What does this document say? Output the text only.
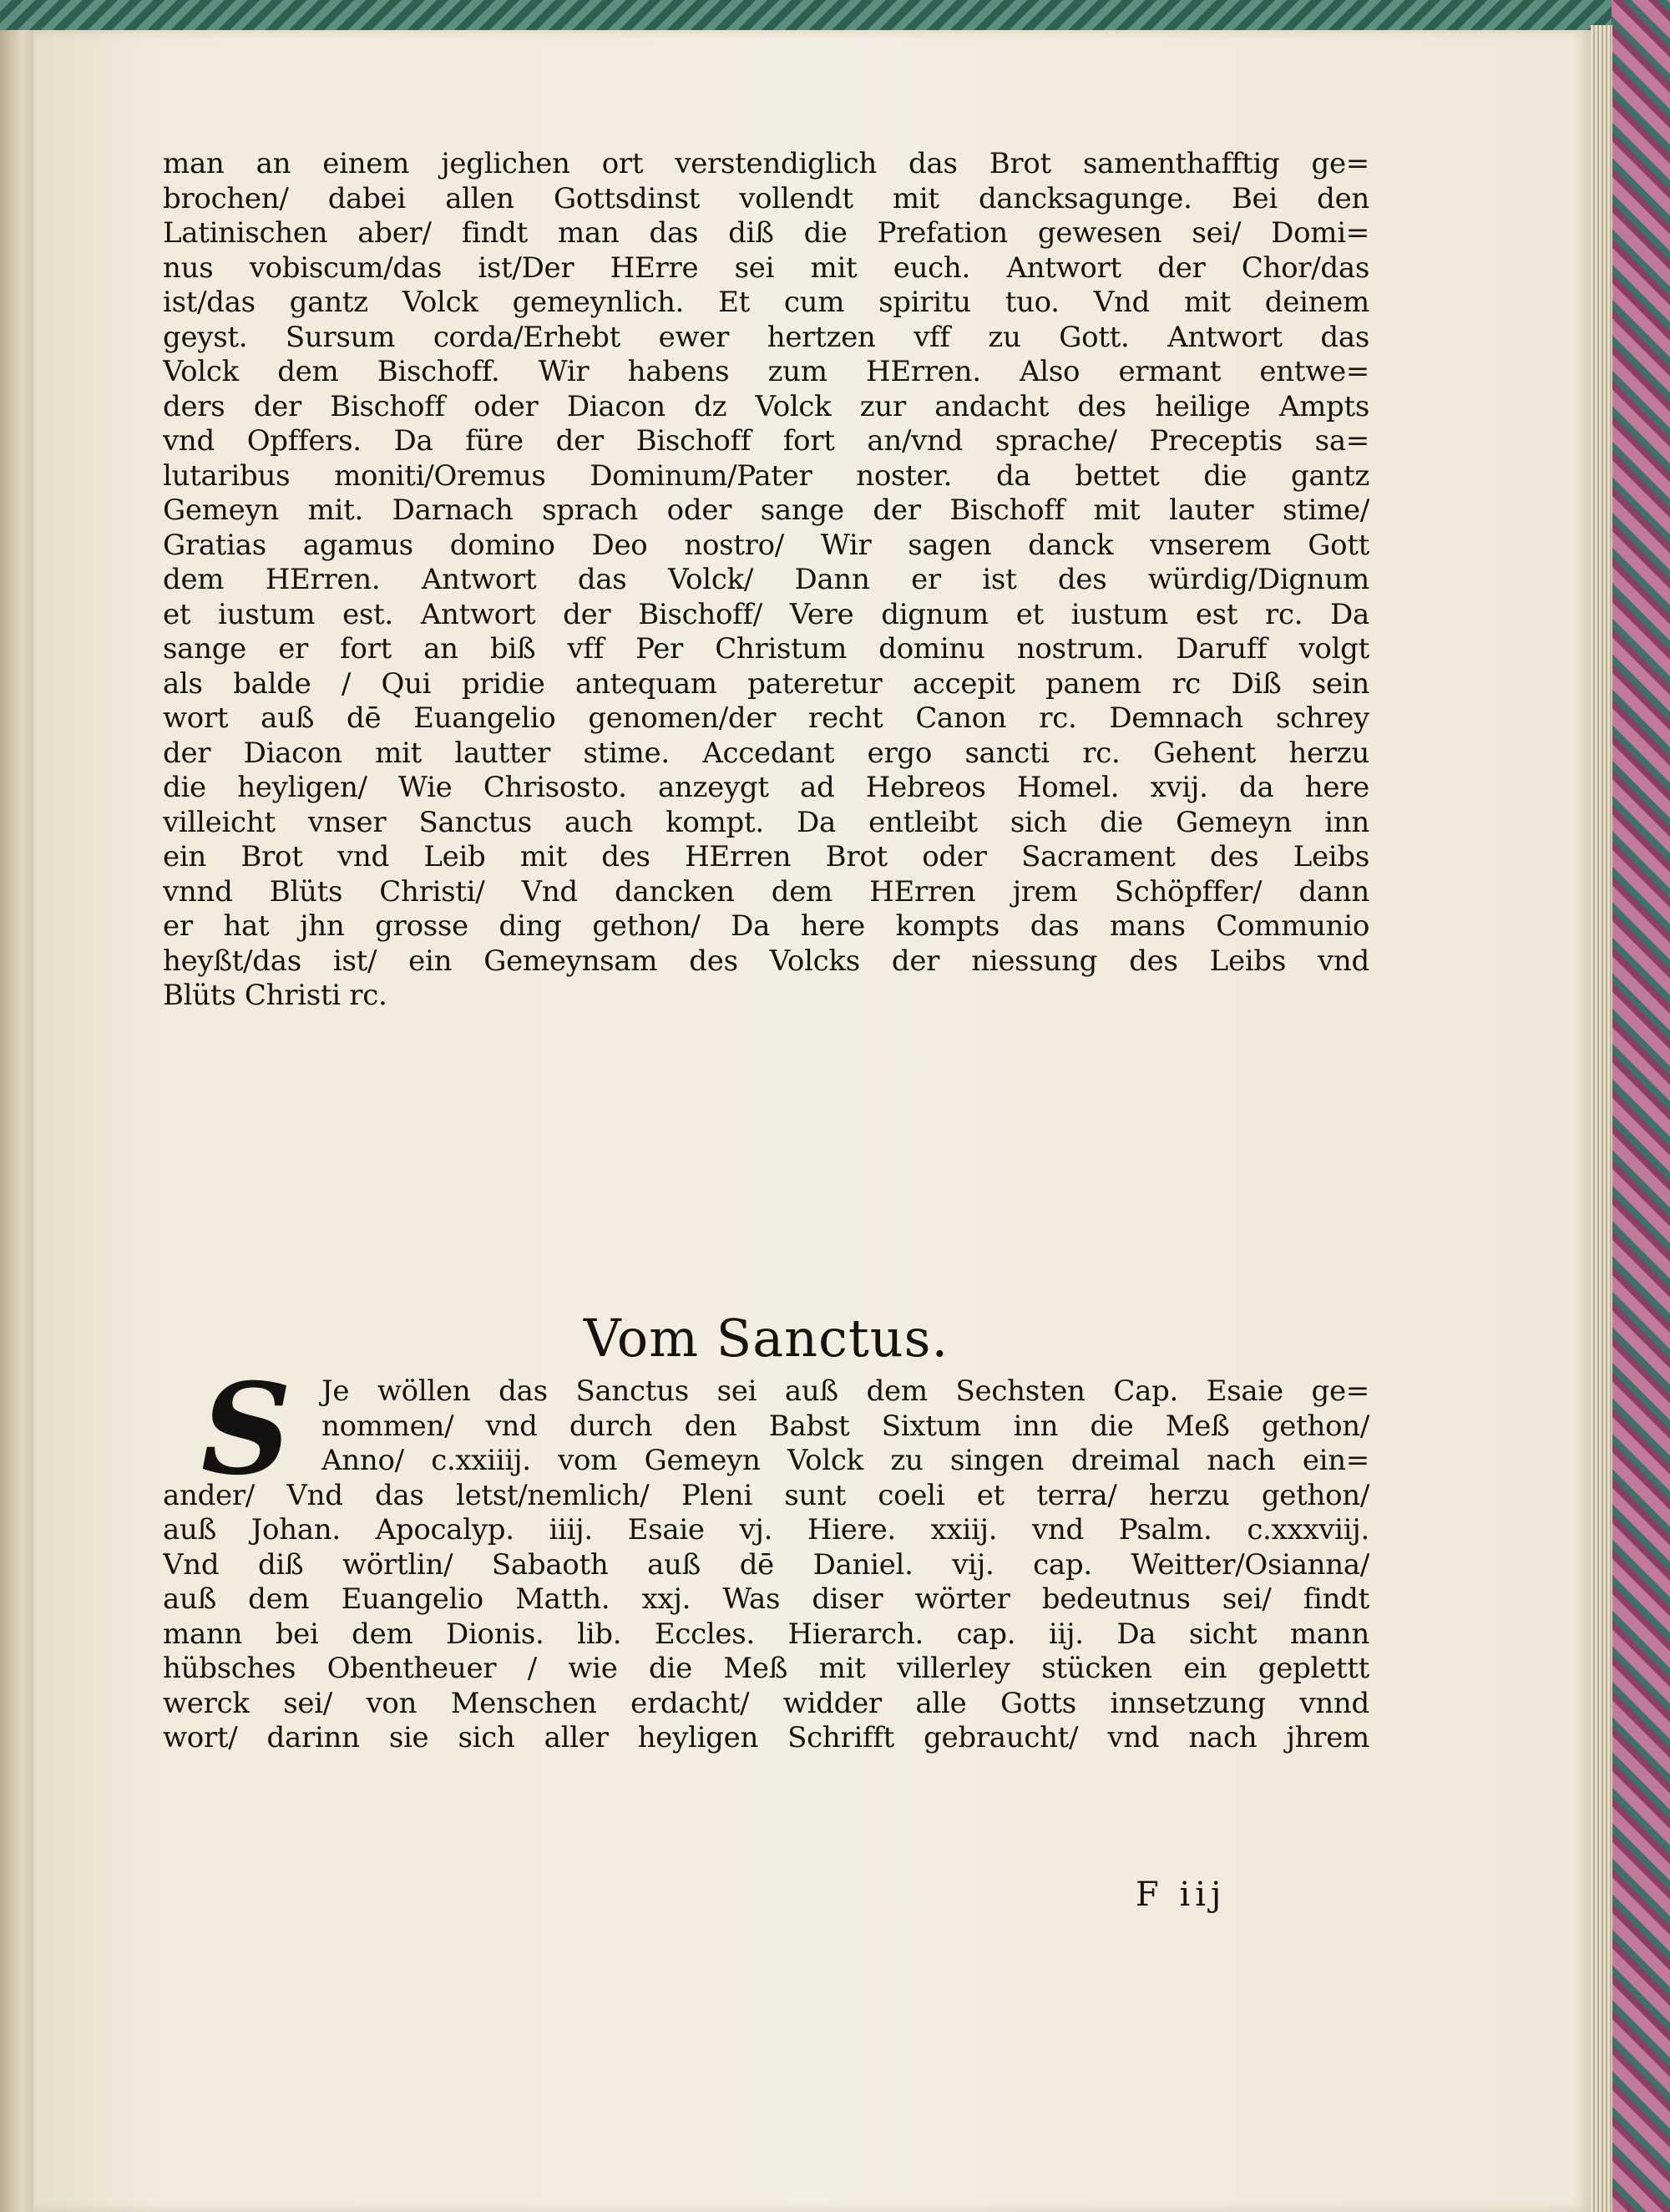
man an einem jeglichen ort verstendiglich das Brot samenthafftig ge=
brochen/ dabei allen Gottsdinst vollendt mit dancksagunge. Bei den
Latinischen aber/ findt man das diß die Prefation gewesen sei/ Domi=
nus vobiscum/das ist/Der HErre sei mit euch. Antwort der Chor/das
ist/das gantz Volck gemeynlich. Et cum spiritu tuo. Vnd mit deinem
geyst. Sursum corda/Erhebt ewer hertzen vff zu Gott. Antwort das
Volck dem Bischoff. Wir habens zum HErren. Also ermant entwe=
ders der Bischoff oder Diacon dz Volck zur andacht des heilige Ampts
vnd Opffers. Da füre der Bischoff fort an/vnd sprache/ Preceptis sa=
lutaribus moniti/Oremus Dominum/Pater noster. da bettet die gantz
Gemeyn mit. Darnach sprach oder sange der Bischoff mit lauter stime/
Gratias agamus domino Deo nostro/ Wir sagen danck vnserem Gott
dem HErren. Antwort das Volck/ Dann er ist des würdig/Dignum
et iustum est. Antwort der Bischoff/ Vere dignum et iustum est rc. Da
sange er fort an biß vff Per Christum dominu nostrum. Daruff volgt
als balde / Qui pridie antequam pateretur accepit panem rc Diß sein
wort auß dē Euangelio genomen/der recht Canon rc. Demnach schrey
der Diacon mit lautter stime. Accedant ergo sancti rc. Gehent herzu
die heyligen/ Wie Chrisosto. anzeygt ad Hebreos Homel. xvij. da here
villeicht vnser Sanctus auch kompt. Da entleibt sich die Gemeyn inn
ein Brot vnd Leib mit des HErren Brot oder Sacrament des Leibs
vnnd Blüts Christi/ Vnd dancken dem HErren jrem Schöpffer/ dann
er hat jhn grosse ding gethon/ Da here kompts das mans Communio
heyßt/das ist/ ein Gemeynsam des Volcks der niessung des Leibs vnd
Blüts Christi rc.
Vom Sanctus.
S	Je wöllen das Sanctus sei auß dem Sechsten Cap. Esaie ge=
nommen/ vnd durch den Babst Sixtum inn die Meß gethon/
Anno/ c.xxiiij. vom Gemeyn Volck zu singen dreimal nach ein=
ander/ Vnd das letst/nemlich/ Pleni sunt coeli et terra/ herzu gethon/
auß Johan. Apocalyp. iiij. Esaie vj. Hiere. xxiij. vnd Psalm. c.xxxviij.
Vnd diß wörtlin/ Sabaoth auß dē Daniel. vij. cap. Weitter/Osianna/
auß dem Euangelio Matth. xxj. Was diser wörter bedeutnus sei/ findt
mann bei dem Dionis. lib. Eccles. Hierarch. cap. iij. Da sicht mann
hübsches Obentheuer / wie die Meß mit villerley stücken ein geplettt
werck sei/ von Menschen erdacht/ widder alle Gotts innsetzung vnnd
wort/ darinn sie sich aller heyligen Schrifft gebraucht/ vnd nach jhrem
F iij
